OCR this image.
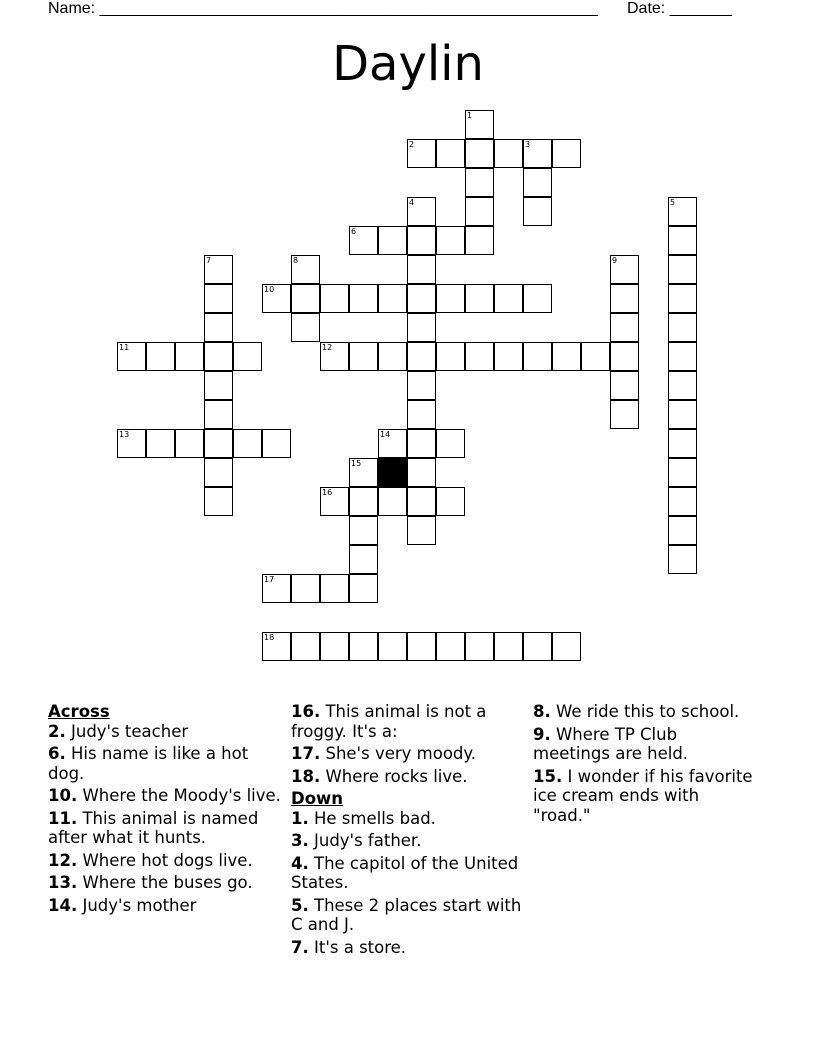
Name: ________________________________________________________ Date: _______
Daylin
2	3
6
10
11	12
13	14
16
17
18
1
4	5
7	8	9
15
Across
2. Judy's teacher
6. His name is like a hot dog.
10. Where the Moody's live.
11. This animal is named after what it hunts.
12. Where hot dogs live.
13. Where the buses go.
14. Judy's mother
16. This animal is not a froggy. It's a:
17. She's very moody.
18. Where rocks live.
Down
1. He smells bad.
3. Judy's father.
4. The capitol of the United States.
5. These 2 places start with C and J.
7. It's a store.
8. We ride this to school.
9. Where TP Club meetings are held.
15. I wonder if his favorite ice cream ends with "road."
